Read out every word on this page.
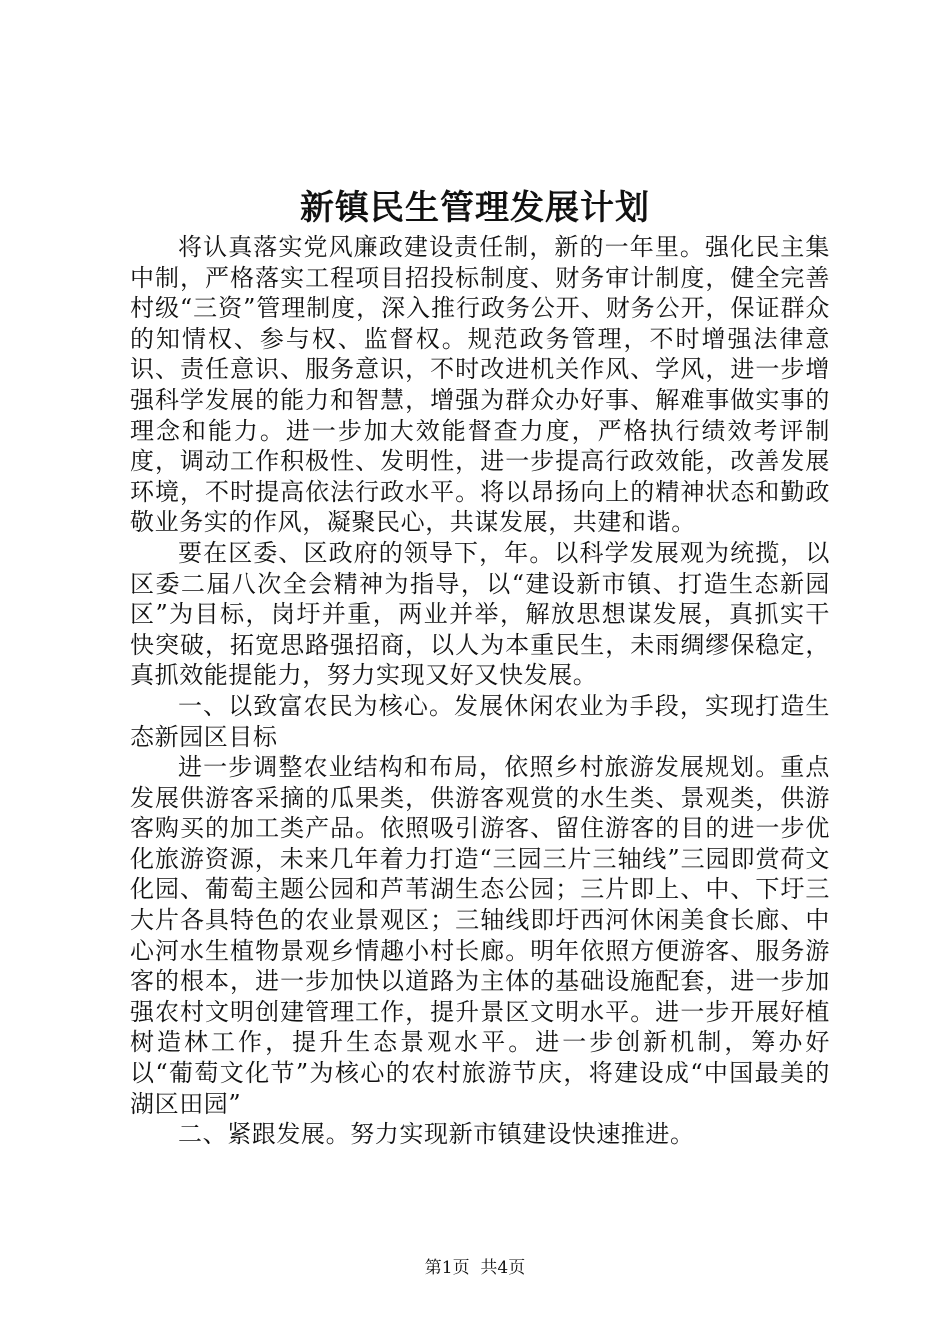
新镇民生管理发展计划

将认真落实党风廉政建设责任制，新的一年里。强化民主集中制，严格落实工程项目招投标制度、财务审计制度，健全完善村级“三资”管理制度，深入推行政务公开、财务公开，保证群众的知情权、参与权、监督权。规范政务管理，不时增强法律意识、责任意识、服务意识，不时改进机关作风、学风，进一步增强科学发展的能力和智慧，增强为群众办好事、解难事做实事的理念和能力。进一步加大效能督查力度，严格执行绩效考评制度，调动工作积极性、发明性，进一步提高行政效能，改善发展环境，不时提高依法行政水平。将以昂扬向上的精神状态和勤政敬业务实的作风，凝聚民心，共谋发展，共建和谐。

要在区委、区政府的领导下，年。以科学发展观为统揽，以区委二届八次全会精神为指导，以“建设新市镇、打造生态新园区”为目标，岗圩并重，两业并举，解放思想谋发展，真抓实干快突破，拓宽思路强招商，以人为本重民生，未雨绸缪保稳定，真抓效能提能力，努力实现又好又快发展。

一、以致富农民为核心。发展休闲农业为手段，实现打造生态新园区目标

进一步调整农业结构和布局，依照乡村旅游发展规划。重点发展供游客采摘的瓜果类，供游客观赏的水生类、景观类，供游客购买的加工类产品。依照吸引游客、留住游客的目的进一步优化旅游资源，未来几年着力打造“三园三片三轴线”三园即赏荷文化园、葡萄主题公园和芦苇湖生态公园；三片即上、中、下圩三大片各具特色的农业景观区；三轴线即圩西河休闲美食长廊、中心河水生植物景观乡情趣小村长廊。明年依照方便游客、服务游客的根本，进一步加快以道路为主体的基础设施配套，进一步加强农村文明创建管理工作，提升景区文明水平。进一步开展好植树造林工作，提升生态景观水平。进一步创新机制，筹办好以“葡萄文化节”为核心的农村旅游节庆，将建设成“中国最美的湖区田园”

二、紧跟发展。努力实现新市镇建设快速推进。

第1页 共4页
